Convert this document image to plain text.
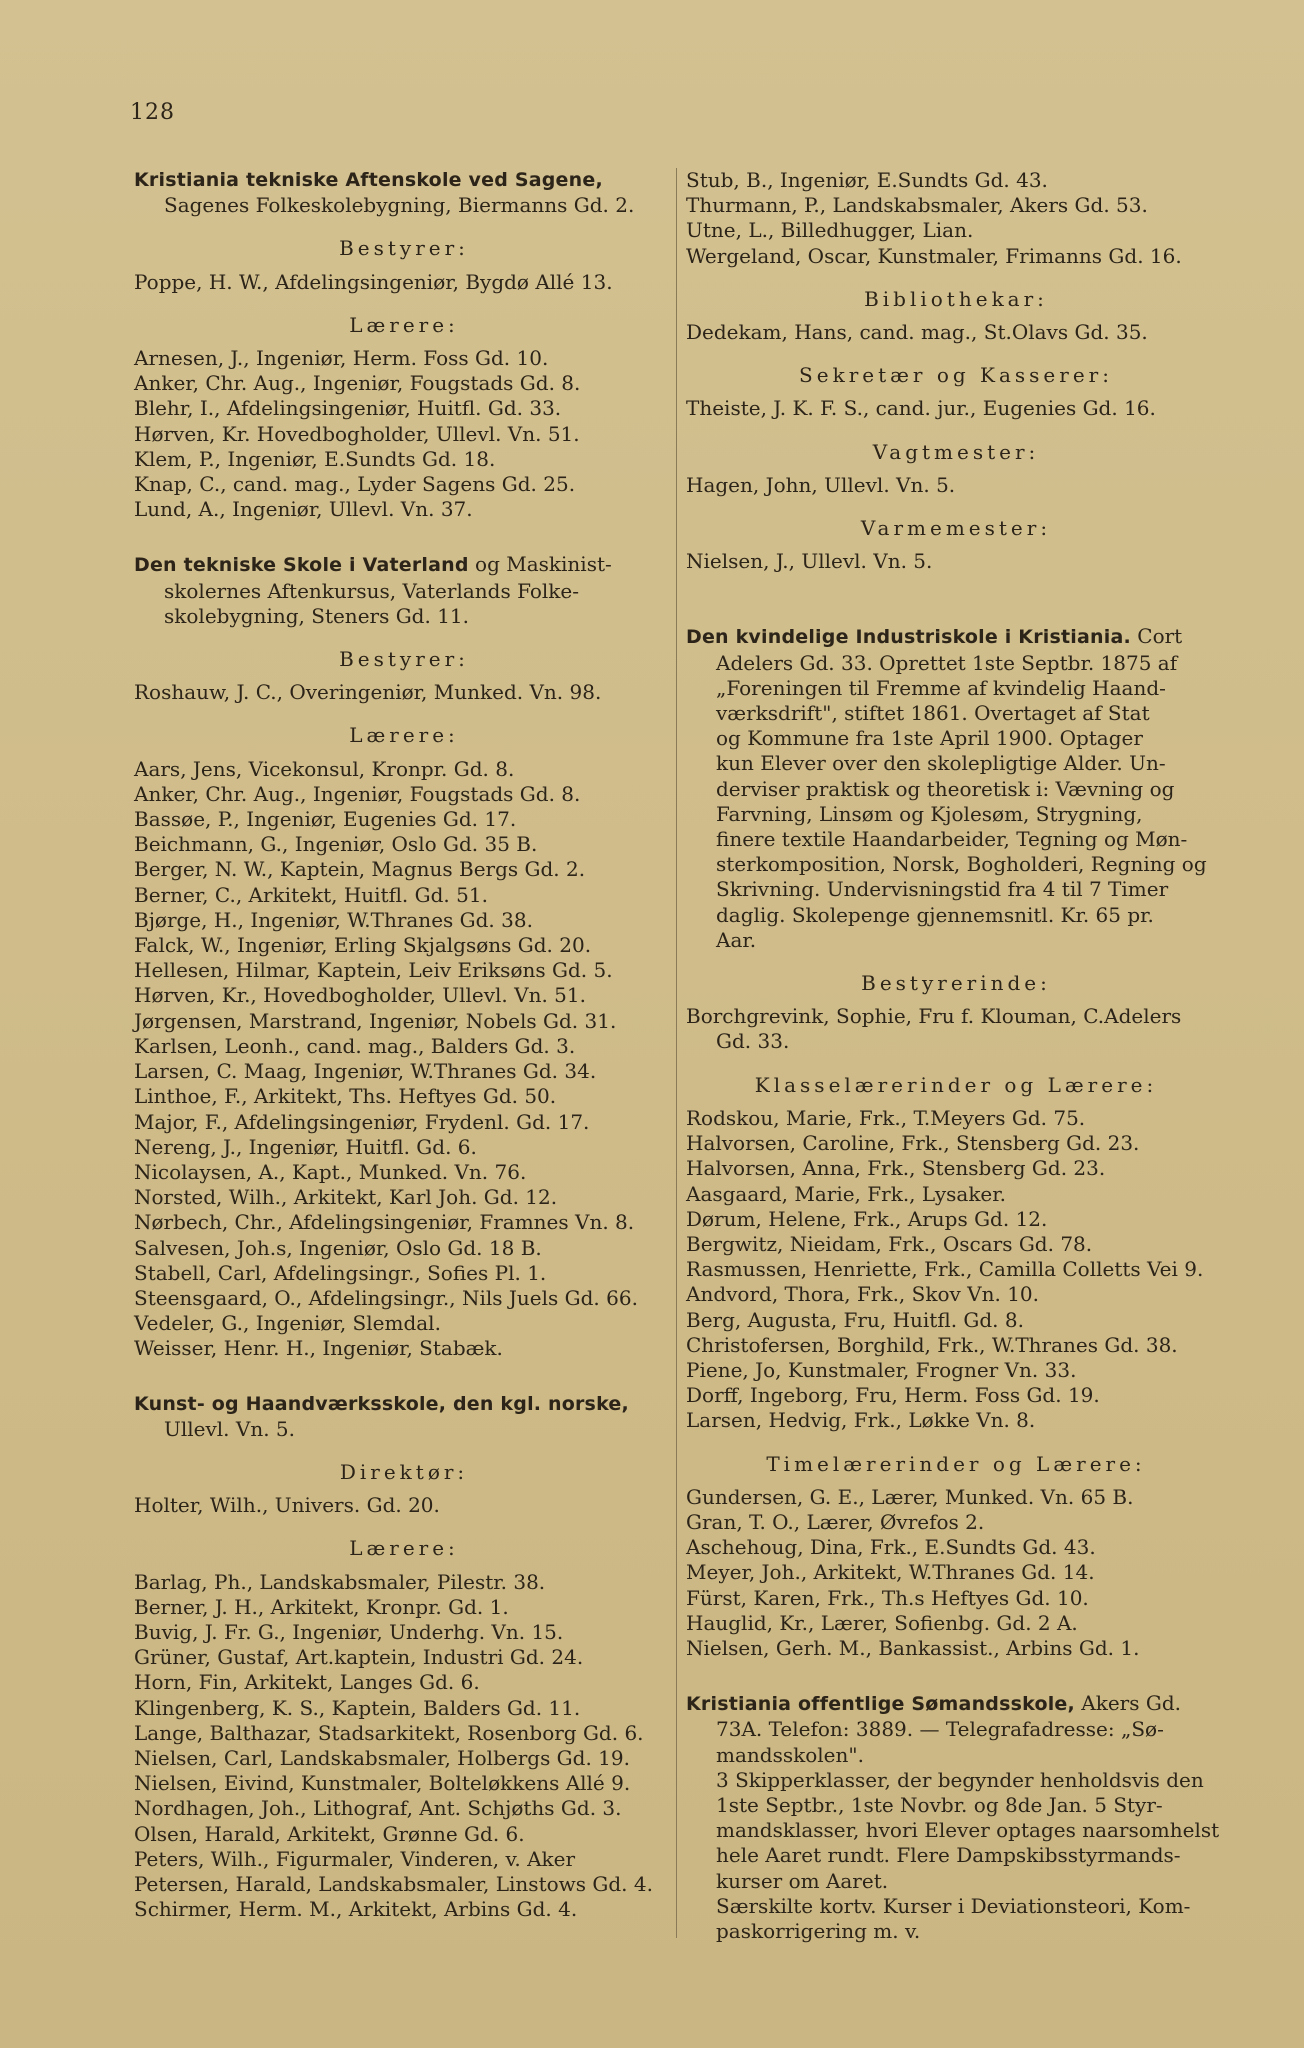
128
Kristiania tekniske Aftenskole ved Sagene,
Sagenes Folkeskolebygning, Biermanns Gd. 2.
Bestyrer:
Poppe, H. W., Afdelingsingeniør, Bygdø Allé 13.
Lærere:
Arnesen, J., Ingeniør, Herm. Foss Gd. 10.
Anker, Chr. Aug., Ingeniør, Fougstads Gd. 8.
Blehr, I., Afdelingsingeniør, Huitfl. Gd. 33.
Hørven, Kr. Hovedbogholder, Ullevl. Vn. 51.
Klem, P., Ingeniør, E.Sundts Gd. 18.
Knap, C., cand. mag., Lyder Sagens Gd. 25.
Lund, A., Ingeniør, Ullevl. Vn. 37.
Den tekniske Skole i Vaterland og Maskinist-
skolernes Aftenkursus, Vaterlands Folke-
skolebygning, Steners Gd. 11.
Bestyrer:
Roshauw, J. C., Overingeniør, Munked. Vn. 98.
Lærere:
Aars, Jens, Vicekonsul, Kronpr. Gd. 8.
Anker, Chr. Aug., Ingeniør, Fougstads Gd. 8.
Bassøe, P., Ingeniør, Eugenies Gd. 17.
Beichmann, G., Ingeniør, Oslo Gd. 35 B.
Berger, N. W., Kaptein, Magnus Bergs Gd. 2.
Berner, C., Arkitekt, Huitfl. Gd. 51.
Bjørge, H., Ingeniør, W.Thranes Gd. 38.
Falck, W., Ingeniør, Erling Skjalgsøns Gd. 20.
Hellesen, Hilmar, Kaptein, Leiv Eriksøns Gd. 5.
Hørven, Kr., Hovedbogholder, Ullevl. Vn. 51.
Jørgensen, Marstrand, Ingeniør, Nobels Gd. 31.
Karlsen, Leonh., cand. mag., Balders Gd. 3.
Larsen, C. Maag, Ingeniør, W.Thranes Gd. 34.
Linthoe, F., Arkitekt, Ths. Heftyes Gd. 50.
Major, F., Afdelingsingeniør, Frydenl. Gd. 17.
Nereng, J., Ingeniør, Huitfl. Gd. 6.
Nicolaysen, A., Kapt., Munked. Vn. 76.
Norsted, Wilh., Arkitekt, Karl Joh. Gd. 12.
Nørbech, Chr., Afdelingsingeniør, Framnes Vn. 8.
Salvesen, Joh.s, Ingeniør, Oslo Gd. 18 B.
Stabell, Carl, Afdelingsingr., Sofies Pl. 1.
Steensgaard, O., Afdelingsingr., Nils Juels Gd. 66.
Vedeler, G., Ingeniør, Slemdal.
Weisser, Henr. H., Ingeniør, Stabæk.
Kunst- og Haandværksskole, den kgl. norske,
Ullevl. Vn. 5.
Direktør:
Holter, Wilh., Univers. Gd. 20.
Lærere:
Barlag, Ph., Landskabsmaler, Pilestr. 38.
Berner, J. H., Arkitekt, Kronpr. Gd. 1.
Buvig, J. Fr. G., Ingeniør, Underhg. Vn. 15.
Grüner, Gustaf, Art.kaptein, Industri Gd. 24.
Horn, Fin, Arkitekt, Langes Gd. 6.
Klingenberg, K. S., Kaptein, Balders Gd. 11.
Lange, Balthazar, Stadsarkitekt, Rosenborg Gd. 6.
Nielsen, Carl, Landskabsmaler, Holbergs Gd. 19.
Nielsen, Eivind, Kunstmaler, Bolteløkkens Allé 9.
Nordhagen, Joh., Lithograf, Ant. Schjøths Gd. 3.
Olsen, Harald, Arkitekt, Grønne Gd. 6.
Peters, Wilh., Figurmaler, Vinderen, v. Aker
Petersen, Harald, Landskabsmaler, Linstows Gd. 4.
Schirmer, Herm. M., Arkitekt, Arbins Gd. 4.
Stub, B., Ingeniør, E.Sundts Gd. 43.
Thurmann, P., Landskabsmaler, Akers Gd. 53.
Utne, L., Billedhugger, Lian.
Wergeland, Oscar, Kunstmaler, Frimanns Gd. 16.
Bibliothekar:
Dedekam, Hans, cand. mag., St.Olavs Gd. 35.
Sekretær og Kasserer:
Theiste, J. K. F. S., cand. jur., Eugenies Gd. 16.
Vagtmester:
Hagen, John, Ullevl. Vn. 5.
Varmemester:
Nielsen, J., Ullevl. Vn. 5.
Den kvindelige Industriskole i Kristiania. Cort
Adelers Gd. 33. Oprettet 1ste Septbr. 1875 af
„Foreningen til Fremme af kvindelig Haand-
værksdrift", stiftet 1861. Overtaget af Stat
og Kommune fra 1ste April 1900. Optager
kun Elever over den skolepligtige Alder. Un-
derviser praktisk og theoretisk i: Vævning og
Farvning, Linsøm og Kjolesøm, Strygning,
finere textile Haandarbeider, Tegning og Møn-
sterkomposition, Norsk, Bogholderi, Regning og
Skrivning. Undervisningstid fra 4 til 7 Timer
daglig. Skolepenge gjennemsnitl. Kr. 65 pr.
Aar.
Bestyrerinde:
Borchgrevink, Sophie, Fru f. Klouman, C.Adelers
Gd. 33.
Klasselærerinder og Lærere:
Rodskou, Marie, Frk., T.Meyers Gd. 75.
Halvorsen, Caroline, Frk., Stensberg Gd. 23.
Halvorsen, Anna, Frk., Stensberg Gd. 23.
Aasgaard, Marie, Frk., Lysaker.
Dørum, Helene, Frk., Arups Gd. 12.
Bergwitz, Nieidam, Frk., Oscars Gd. 78.
Rasmussen, Henriette, Frk., Camilla Colletts Vei 9.
Andvord, Thora, Frk., Skov Vn. 10.
Berg, Augusta, Fru, Huitfl. Gd. 8.
Christofersen, Borghild, Frk., W.Thranes Gd. 38.
Piene, Jo, Kunstmaler, Frogner Vn. 33.
Dorff, Ingeborg, Fru, Herm. Foss Gd. 19.
Larsen, Hedvig, Frk., Løkke Vn. 8.
Timelærerinder og Lærere:
Gundersen, G. E., Lærer, Munked. Vn. 65 B.
Gran, T. O., Lærer, Øvrefos 2.
Aschehoug, Dina, Frk., E.Sundts Gd. 43.
Meyer, Joh., Arkitekt, W.Thranes Gd. 14.
Fürst, Karen, Frk., Th.s Heftyes Gd. 10.
Hauglid, Kr., Lærer, Sofienbg. Gd. 2 A.
Nielsen, Gerh. M., Bankassist., Arbins Gd. 1.
Kristiania offentlige Sømandsskole, Akers Gd.
73A. Telefon: 3889. — Telegrafadresse: „Sø-
mandsskolen".
3 Skipperklasser, der begynder henholdsvis den
1ste Septbr., 1ste Novbr. og 8de Jan. 5 Styr-
mandsklasser, hvori Elever optages naarsomhelst
hele Aaret rundt. Flere Dampskibsstyrmands-
kurser om Aaret.
Særskilte kortv. Kurser i Deviationsteori, Kom-
paskorrigering m. v.
